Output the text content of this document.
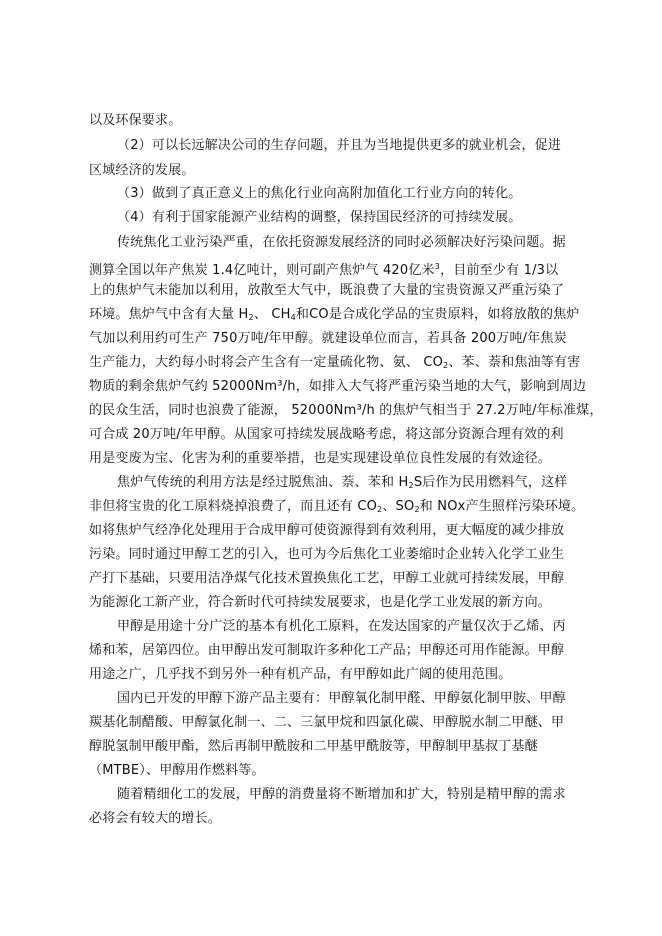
以及环保要求。
（2）可以长远解决公司的生存问题，并且为当地提供更多的就业机会，促进
区域经济的发展。
（3）做到了真正意义上的焦化行业向高附加值化工行业方向的转化。
（4）有利于国家能源产业结构的调整，保持国民经济的可持续发展。
传统焦化工业污染严重，在依托资源发展经济的同时必须解决好污染问题。据
测算全国以年产焦炭 1.4亿吨计，则可副产焦炉气 420亿米$^3$，目前至少有 1/3以
上的焦炉气未能加以利用，放散至大气中，既浪费了大量的宝贵资源又严重污染了
环境。焦炉气中含有大量 $H_2$、 $CH_4$和CO是合成化学品的宝贵原料，如将放散的焦炉
气加以利用约可生产 750万吨/年甲醇。就建设单位而言，若具备 200万吨/年焦炭
生产能力，大约每小时将会产生含有一定量硫化物、氨、 $CO_2$、苯、萘和焦油等有害
物质的剩余焦炉气约 52000Nm³/h，如排入大气将严重污染当地的大气，影响到周边
的民众生活，同时也浪费了能源， 52000Nm³/h 的焦炉气相当于 27.2万吨/年标准煤，
可合成 20万吨/年甲醇。从国家可持续发展战略考虑，将这部分资源合理有效的利
用是变废为宝、化害为利的重要举措，也是实现建设单位良性发展的有效途径。
焦炉气传统的利用方法是经过脱焦油、萘、苯和 $H_2S$后作为民用燃料气，这样
非但将宝贵的化工原料烧掉浪费了，而且还有 $CO_2$、$SO_2$和 NOx产生照样污染环境。
如将焦炉气经净化处理用于合成甲醇可使资源得到有效利用，更大幅度的减少排放
污染。同时通过甲醇工艺的引入，也可为今后焦化工业萎缩时企业转入化学工业生
产打下基础，只要用洁净煤气化技术置换焦化工艺，甲醇工业就可持续发展，甲醇
为能源化工新产业，符合新时代可持续发展要求，也是化学工业发展的新方向。
甲醇是用途十分广泛的基本有机化工原料，在发达国家的产量仅次于乙烯、丙
烯和苯，居第四位。由甲醇出发可制取许多种化工产品；甲醇还可用作能源。甲醇
用途之广，几乎找不到另外一种有机产品，有甲醇如此广阔的使用范围。
国内已开发的甲醇下游产品主要有：甲醇氧化制甲醛、甲醇氨化制甲胺、甲醇
羰基化制醋酸、甲醇氯化制一、二、三氯甲烷和四氯化碳、甲醇脱水制二甲醚、甲
醇脱氢制甲酸甲酯，然后再制甲酰胺和二甲基甲酰胺等，甲醇制甲基叔丁基醚
（MTBE）、甲醇用作燃料等。
随着精细化工的发展，甲醇的消费量将不断增加和扩大，特别是精甲醇的需求
必将会有较大的增长。
